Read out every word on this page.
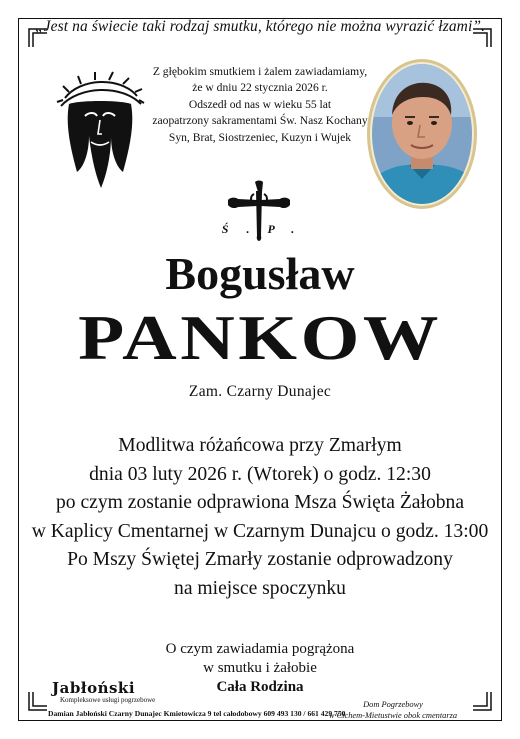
„Jest na świecie taki rodzaj smutku, którego nie można wyrazić łzami”.
Z głębokim smutkiem i żalem zawiadamiamy,
że w dniu 22 stycznia 2026 r.
Odszedł od nas w wieku 55 lat
zaopatrzony sakramentami Św. Nasz Kochany
Syn, Brat, Siostrzeniec, Kuzyn i Wujek
Ś.P.
Bogusław
PANKOW
Zam. Czarny Dunajec
Modlitwa różańcowa przy Zmarłym
dnia 03 luty 2026 r. (Wtorek) o godz. 12:30
po czym zostanie odprawiona Msza Święta Żałobna
w Kaplicy Cmentarnej w Czarnym Dunajcu o godz. 13:00
Po Mszy Świętej Zmarły zostanie odprowadzony
na miejsce spoczynku
O czym zawiadamia pogrążona
w smutku i żałobie
Cała Rodzina
Jabłoński
Kompleksowe usługi pogrzebowe
Damian Jabłoński Czarny Dunajec Kmietowicza 9 tel całodobowy 609 493 130 / 661 429 750
Dom Pogrzebowy
w Cichem-Mietustwie obok cmentarza
